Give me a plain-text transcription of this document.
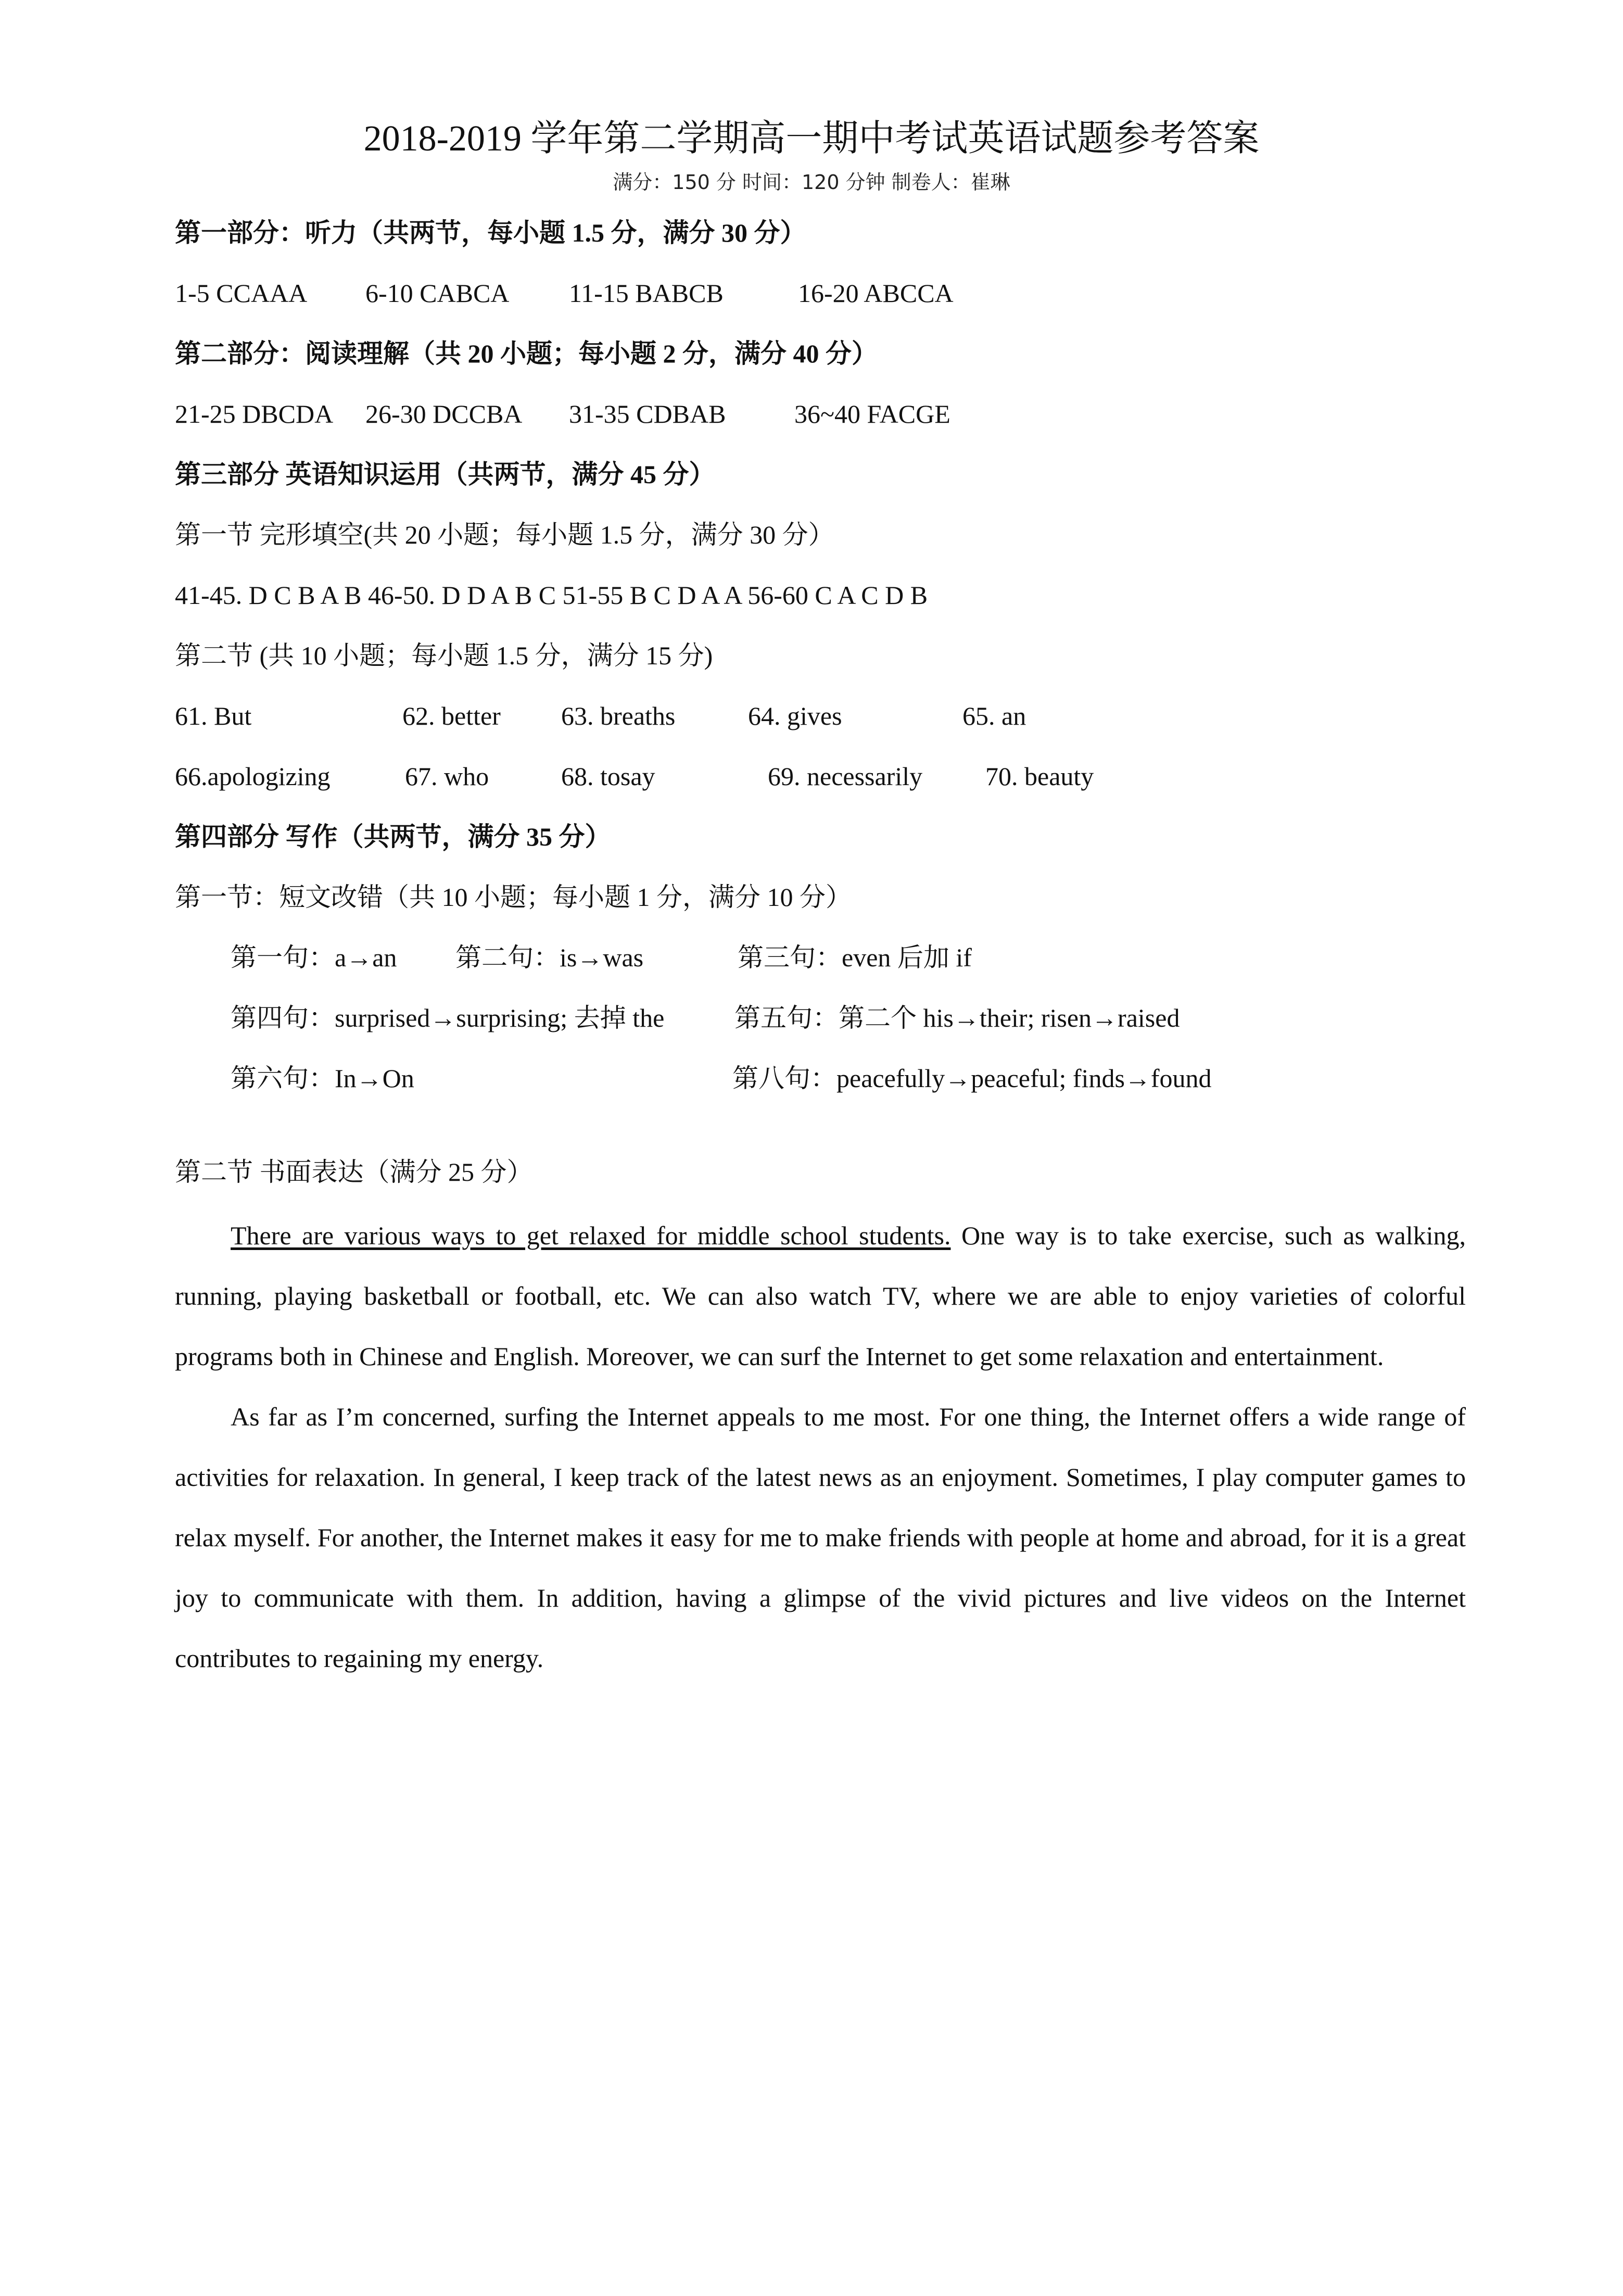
2018-2019 学年第二学期高一期中考试英语试题参考答案
满分：150 分 时间：120 分钟 制卷人：崔琳
第一部分：听力（共两节，每小题 1.5 分，满分 30 分）
1-5 CCAAA 6-10 CABCA 11-15 BABCB	16-20 ABCCA
第二部分：阅读理解（共 20 小题；每小题 2 分，满分 40 分）
21-25 DBCDA 26-30 DCCBA 31-35 CDBAB	36~40 FACGE
第三部分 英语知识运用（共两节，满分 45 分）
第一节 完形填空(共 20 小题；每小题 1.5 分，满分 30 分）
41-45. D C B A B 46-50. D D A B C 51-55 B C D A A 56-60 C A C D B
第二节 (共 10 小题；每小题 1.5 分，满分 15 分)
61. But	62. better 63. breaths	64. gives	65. an
66.apologizing	67. who	68. tosay	69. necessarily 70. beauty
第四部分 写作（共两节，满分 35 分）
第一节：短文改错（共 10 小题；每小题 1 分，满分 10 分）
第一句：a→an 第二句：is→was	第三句：even 后加 if
第四句：surprised→surprising; 去掉 the	第五句：第二个 his→their; risen→raised
第六句：In→On	第八句：peacefully→peaceful; finds→found
第二节 书面表达（满分 25 分）

There are various ways to get relaxed for middle school students. One way is to take exercise, such as walking, running, playing basketball or football, etc. We can also watch TV, where we are able to enjoy varieties of colorful programs both in Chinese and English. Moreover, we can surf the Internet to get some relaxation and entertainment.

As far as I’m concerned, surfing the Internet appeals to me most. For one thing, the Internet offers a wide range of activities for relaxation. In general, I keep track of the latest news as an enjoyment. Sometimes, I play computer games to relax myself. For another, the Internet makes it easy for me to make friends with people at home and abroad, for it is a great joy to communicate with them. In addition, having a glimpse of the vivid pictures and live videos on the Internet contributes to regaining my energy.
